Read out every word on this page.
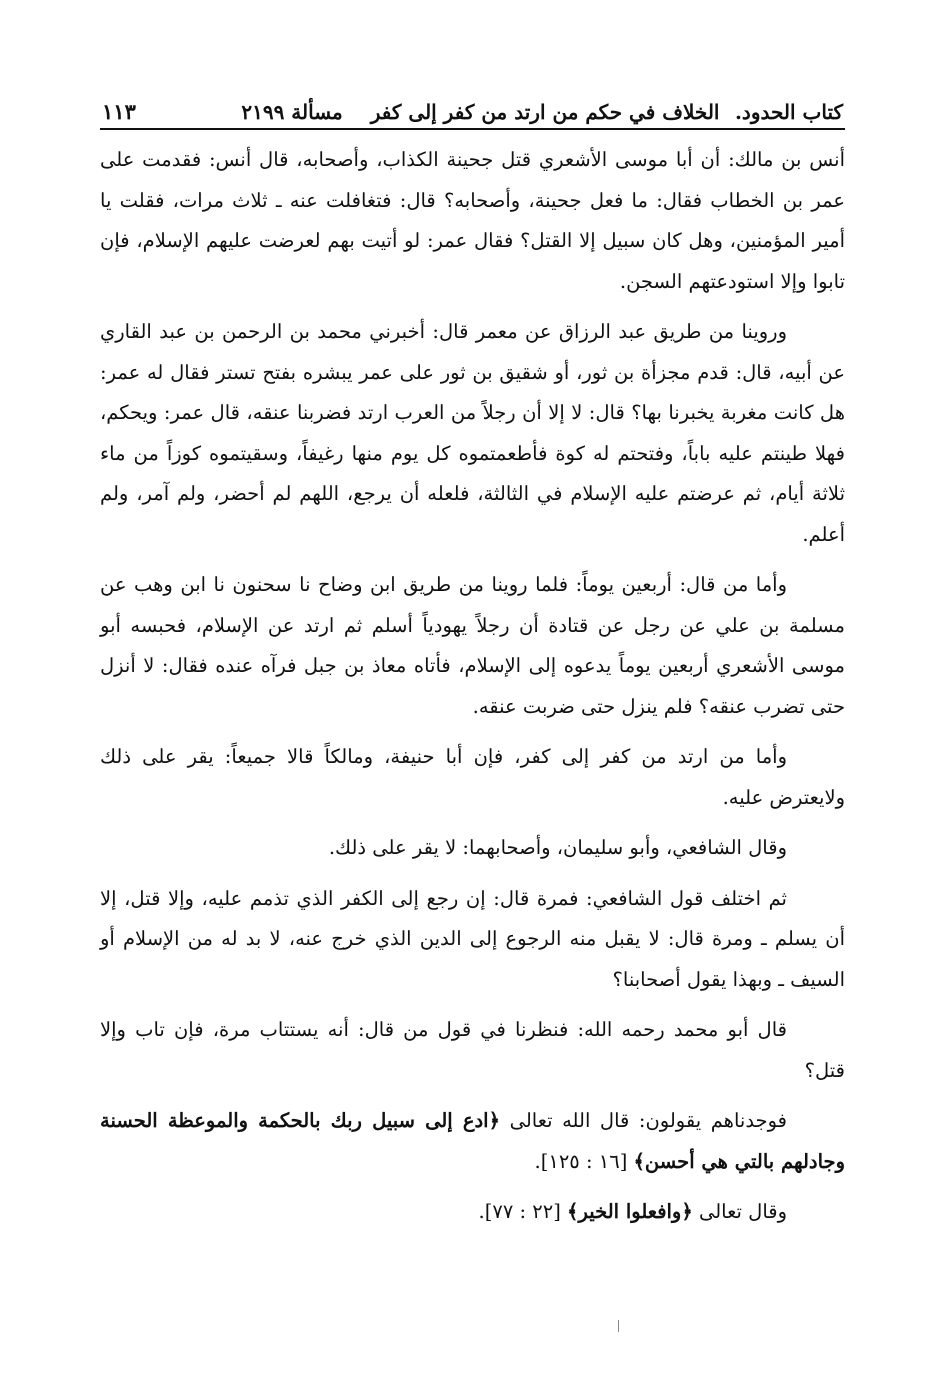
كتاب الحدود.
الخلاف في حكم من ارتد من كفر إلى كفر
مسألة ٢١٩٩
١١٣

أنس بن مالك: أن أبا موسى الأشعري قتل جحينة الكذاب، وأصحابه، قال أنس: فقدمت على عمر بن الخطاب فقال: ما فعل جحينة، وأصحابه؟ قال: فتغافلت عنه ـ ثلاث مرات، فقلت يا أمير المؤمنين، وهل كان سبيل إلا القتل؟ فقال عمر: لو أتيت بهم لعرضت عليهم الإسلام، فإن تابوا وإلا استودعتهم السجن.

وروينا من طريق عبد الرزاق عن معمر قال: أخبرني محمد بن الرحمن بن عبد القاري عن أبيه، قال: قدم مجزأة بن ثور، أو شقيق بن ثور على عمر يبشره بفتح تستر فقال له عمر: هل كانت مغربة يخبرنا بها؟ قال: لا إلا أن رجلاً من العرب ارتد فضربنا عنقه، قال عمر: ويحكم، فهلا طينتم عليه باباً، وفتحتم له كوة فأطعمتموه كل يوم منها رغيفاً، وسقيتموه كوزاً من ماء ثلاثة أيام، ثم عرضتم عليه الإسلام في الثالثة، فلعله أن يرجع، اللهم لم أحضر، ولم آمر، ولم أعلم.

وأما من قال: أربعين يوماً: فلما روينا من طريق ابن وضاح نا سحنون نا ابن وهب عن مسلمة بن علي عن رجل عن قتادة أن رجلاً يهودياً أسلم ثم ارتد عن الإسلام، فحبسه أبو موسى الأشعري أربعين يوماً يدعوه إلى الإسلام، فأتاه معاذ بن جبل فرآه عنده فقال: لا أنزل حتى تضرب عنقه؟ فلم ينزل حتى ضربت عنقه.

وأما من ارتد من كفر إلى كفر، فإن أبا حنيفة، ومالكاً قالا جميعاً: يقر على ذلك ولايعترض عليه.

وقال الشافعي، وأبو سليمان، وأصحابهما: لا يقر على ذلك.

ثم اختلف قول الشافعي: فمرة قال: إن رجع إلى الكفر الذي تذمم عليه، وإلا قتل، إلا أن يسلم ـ ومرة قال: لا يقبل منه الرجوع إلى الدين الذي خرج عنه، لا بد له من الإسلام أو السيف ـ وبهذا يقول أصحابنا؟

قال أبو محمد رحمه الله: فنظرنا في قول من قال: أنه يستتاب مرة، فإن تاب وإلا قتل؟

فوجدناهم يقولون: قال الله تعالى ﴿ادع إلى سبيل ربك بالحكمة والموعظة الحسنة وجادلهم بالتي هي أحسن﴾ [١٦ : ١٢٥].

وقال تعالى ﴿وافعلوا الخير﴾ [٢٢ : ٧٧].
